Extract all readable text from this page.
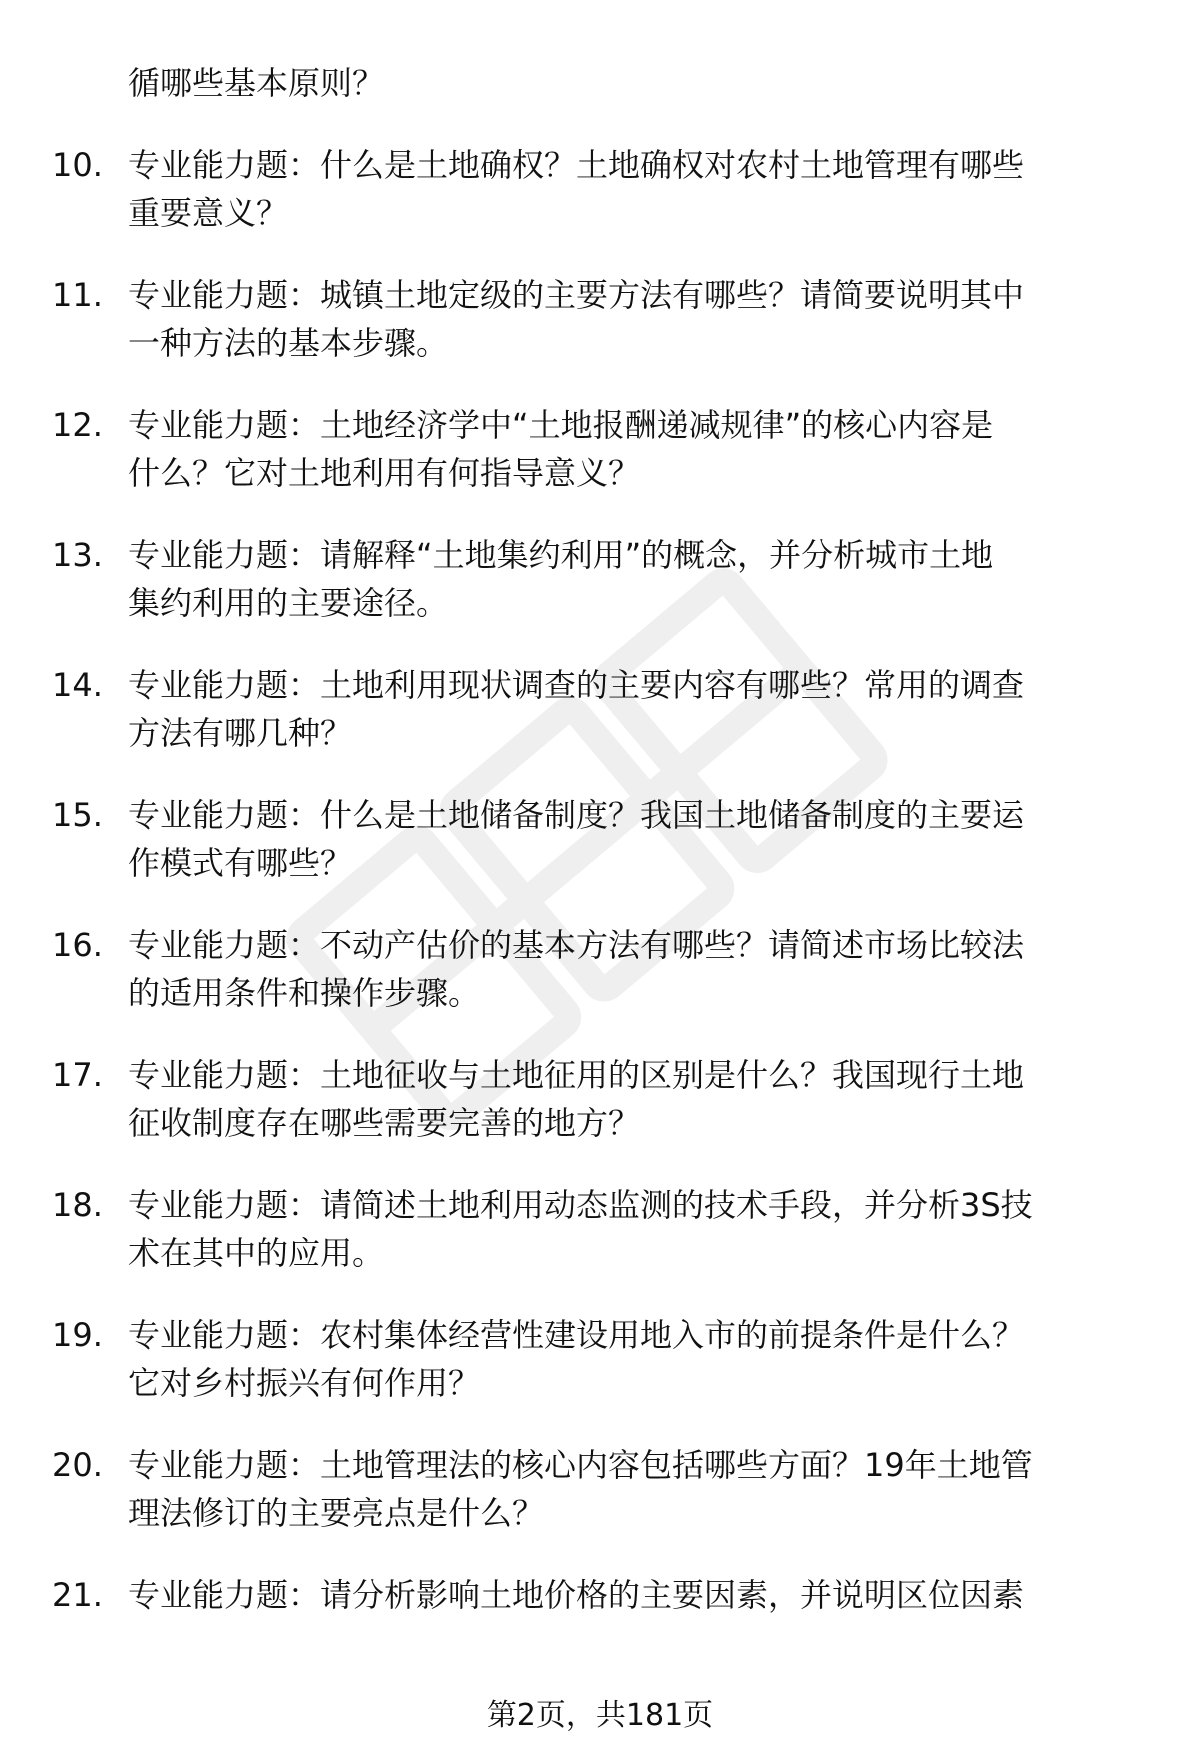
循哪些基本原则？
10. 专业能力题：什么是土地确权？土地确权对农村土地管理有哪些
重要意义？
11. 专业能力题：城镇土地定级的主要方法有哪些？请简要说明其中
一种方法的基本步骤。
12. 专业能力题：土地经济学中“土地报酬递减规律”的核心内容是
什么？它对土地利用有何指导意义？
13. 专业能力题：请解释“土地集约利用”的概念，并分析城市土地
集约利用的主要途径。
14. 专业能力题：土地利用现状调查的主要内容有哪些？常用的调查
方法有哪几种？
15. 专业能力题：什么是土地储备制度？我国土地储备制度的主要运
作模式有哪些？
16. 专业能力题：不动产估价的基本方法有哪些？请简述市场比较法
的适用条件和操作步骤。
17. 专业能力题：土地征收与土地征用的区别是什么？我国现行土地
征收制度存在哪些需要完善的地方？
18. 专业能力题：请简述土地利用动态监测的技术手段，并分析3S技
术在其中的应用。
19. 专业能力题：农村集体经营性建设用地入市的前提条件是什么？
它对乡村振兴有何作用？
20. 专业能力题：土地管理法的核心内容包括哪些方面？19年土地管
理法修订的主要亮点是什么？
21. 专业能力题：请分析影响土地价格的主要因素，并说明区位因素
第2页，共181页
